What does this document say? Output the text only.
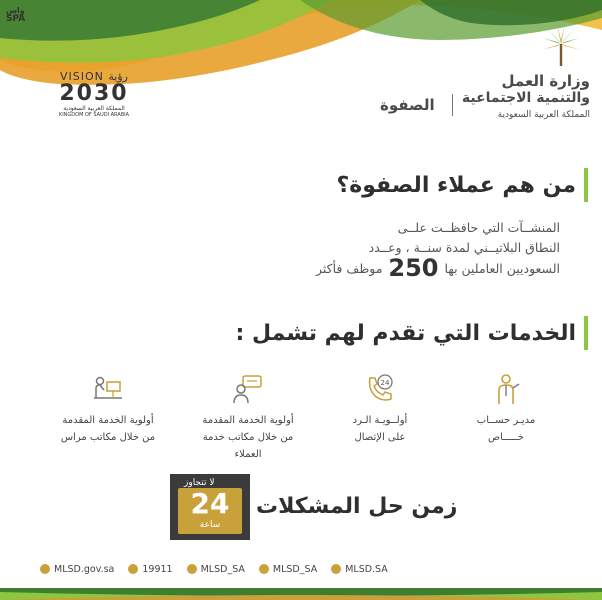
واس
SPA
VISION رؤية
2030
المملكة العربية السعودية
KINGDOM OF SAUDI ARABIA
وزارة العمل
والتنمية الاجتماعية
المملكة العربية السعودية
الصفوة
من هم عملاء الصفوة؟
المنشــآت التي حافظــت علــى
النطاق البلاتيــني لمدة سنــة ، وعــدد
السعوديين العاملين بها 250 موظف فأكثر
الخدمات التي تقدم لهم تشمل :
مديـر حســاب
خـــــاص
24
أولــويـة الـرد
على الإتصال
أولوية الخدمة المقدمة
من خلال مكاتب خدمة
العملاء
أولوية الخدمة المقدمة
من خلال مكاتب مراس
لا تتجاوز
24
ساعة
زمن حل المشكلات
MLSD.gov.sa	19911	MLSD_SA	MLSD_SA	MLSD.SA
